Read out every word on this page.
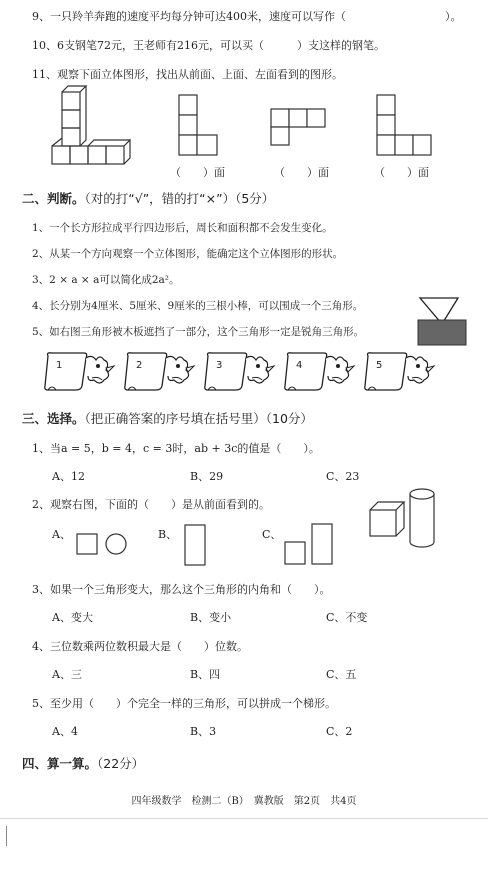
9、一只羚羊奔跑的速度平均每分钟可达400米，速度可以写作（　　　　　　　　　）。
10、6支钢笔72元，王老师有216元，可以买（　　　）支这样的钢笔。
11、观察下面立体图形，找出从前面、上面、左面看到的图形。
（　　）面	（　　）面	（　　）面
二、判断。（对的打“√”，错的打“×”）（5分）
1、一个长方形拉成平行四边形后，周长和面积都不会发生变化。
2、从某一个方向观察一个立体图形，能确定这个立体图形的形状。
3、2 × a × a可以简化成2a²。
4、长分别为4厘米、5厘米、9厘米的三根小棒，可以围成一个三角形。
5、如右图三角形被木板遮挡了一部分，这个三角形一定是锐角三角形。
1	2	3	4	5
三、选择。（把正确答案的序号填在括号里）（10分）
1、当a = 5，b = 4，c = 3时，ab + 3c的值是（　　）。
A、12	B、29	C、23
2、观察右图，下面的（　　）是从前面看到的。
A、	B、	C、
3、如果一个三角形变大，那么这个三角形的内角和（　　）。
A、变大	B、变小	C、不变
4、三位数乘两位数积最大是（　　）位数。
A、三	B、四	C、五
5、至少用（　　）个完全一样的三角形，可以拼成一个梯形。
A、4	B、3	C、2
四、算一算。（22分）
四年级数学　检测二（B）　冀教版　第2页　共4页
